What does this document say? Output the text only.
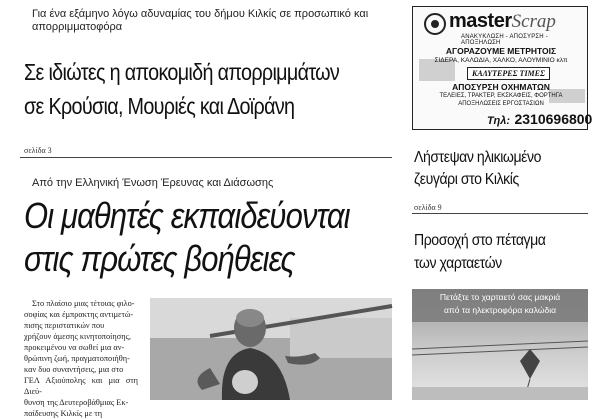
Για ένα εξάμηνο λόγω αδυναμίας του δήμου Κιλκίς σε προσωπικό και απορριμματοφόρα
Σε ιδιώτες η αποκομιδή απορριμμάτων
σε Κρούσια, Μουριές και Δοϊράνη
σελίδα 3
Από την Ελληνική Ένωση Έρευνας και Διάσωσης
Οι μαθητές εκπαιδεύονται
στις πρώτες βοήθειες
Στο πλαίσιο μιας τέτοιας φιλο-
σοφίας και έμπρακτης αντιμετώ-
πισης περιστατικών που
χρήζουν άμεσης κινητοποίησης,
προκειμένου να σωθεί μια αν-
θρώπινη ζωή, πραγματοποιήθη-
καν δυο συναντήσεις, μια στο
ΓΕΛ Αξιούπολης και μια στη Διεύ-
θυνση της Δευτεροβάθμιας Εκ-
παίδευσης Κιλκίς με τη
masterScrap
ΑΝΑΚΥΚΛΩΣΗ - ΑΠΟΣΥΡΣΗ - ΑΠΟΞΗΛΩΣΗ
ΑΓΟΡΑΖΟΥΜΕ ΜΕΤΡΗΤΟΙΣ
ΣΙΔΕΡΑ, ΚΑΛΩΔΙΑ, ΧΑΛΚΟ, ΑΛΟΥΜΙΝΙΟ κλπ
ΚΑΛΥΤΕΡΕΣ ΤΙΜΕΣ
ΑΠΟΣΥΡΣΗ ΟΧΗΜΑΤΩΝ
ΤΕΛΕΙΕΣ, ΤΡΑΚΤΕΡ, ΕΚΣΚΑΦΕΙΣ, ΦΟΡΤΗΓΑ
ΑΠΟΞΗΛΩΣΕΙΣ ΕΡΓΟΣΤΑΣΙΩΝ
Τηλ: 2310696800
Λήστεψαν ηλικιωμένο
ζευγάρι στο Κιλκίς
σελίδα 9
Προσοχή στο πέταγμα
των χαρταετών
Πετάξτε το χαρταετό σας μακριά
από τα ηλεκτροφόρα καλώδια
